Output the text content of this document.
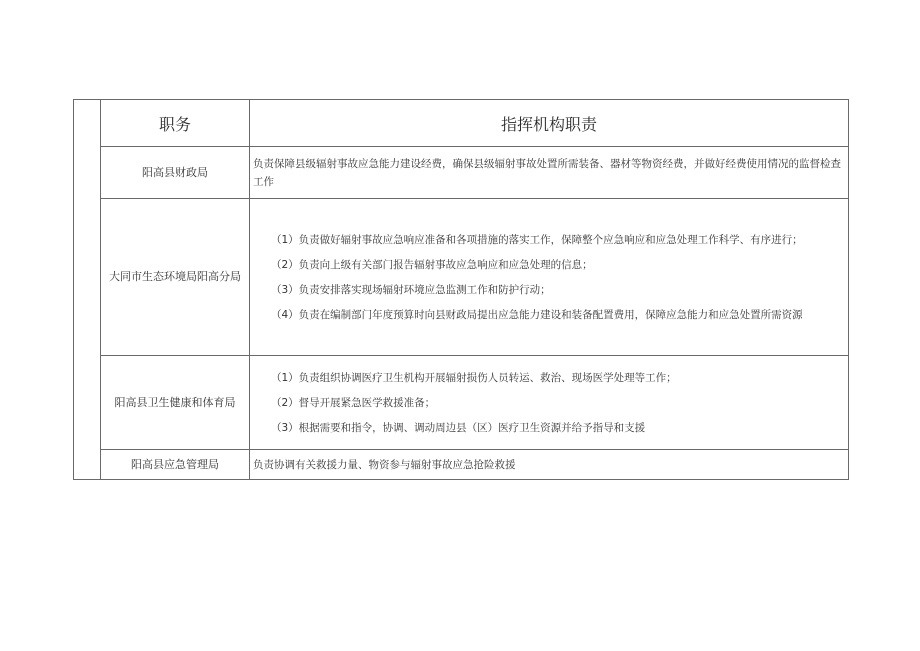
	职务	指挥机构职责
	阳高县财政局	负责保障县级辐射事故应急能力建设经费，确保县级辐射事故处置所需装备、器材等物资经费，并做好经费使用情况的监督检查工作

	大同市生态环境局阳高分局	（1）负责做好辐射事故应急响应准备和各项措施的落实工作，保障整个应急响应和应急处理工作科学、有序进行；

（2）负责向上级有关部门报告辐射事故应急响应和应急处理的信息；

（3）负责安排落实现场辐射环境应急监测工作和防护行动；

（4）负责在编制部门年度预算时向县财政局提出应急能力建设和装备配置费用，保障应急能力和应急处置所需资源

	阳高县卫生健康和体育局	（1）负责组织协调医疗卫生机构开展辐射损伤人员转运、救治、现场医学处理等工作；

（2）督导开展紧急医学救援准备；

（3）根据需要和指令，协调、调动周边县（区）医疗卫生资源并给予指导和支援

	阳高县应急管理局	负责协调有关救援力量、物资参与辐射事故应急抢险救援
